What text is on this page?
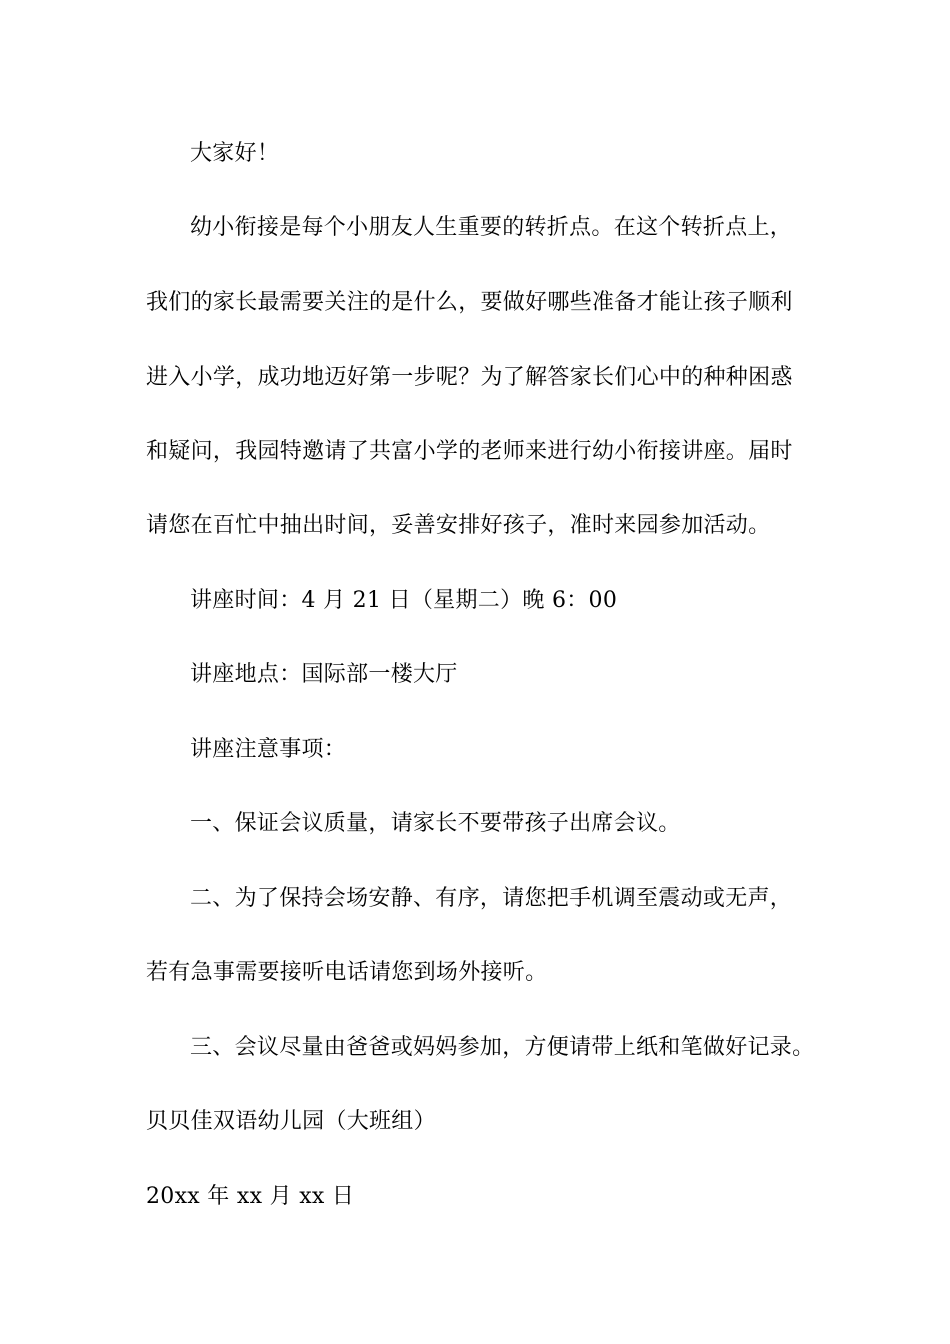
大家好！
幼小衔接是每个小朋友人生重要的转折点。在这个转折点上，
我们的家长最需要关注的是什么，要做好哪些准备才能让孩子顺利
进入小学，成功地迈好第一步呢？为了解答家长们心中的种种困惑
和疑问，我园特邀请了共富小学的老师来进行幼小衔接讲座。届时
请您在百忙中抽出时间，妥善安排好孩子，准时来园参加活动。
讲座时间：4 月 21 日（星期二）晚 6：00
讲座地点：国际部一楼大厅
讲座注意事项：
一、保证会议质量，请家长不要带孩子出席会议。
二、为了保持会场安静、有序，请您把手机调至震动或无声，
若有急事需要接听电话请您到场外接听。
三、会议尽量由爸爸或妈妈参加，方便请带上纸和笔做好记录。
贝贝佳双语幼儿园（大班组）
20xx 年 xx 月 xx 日
